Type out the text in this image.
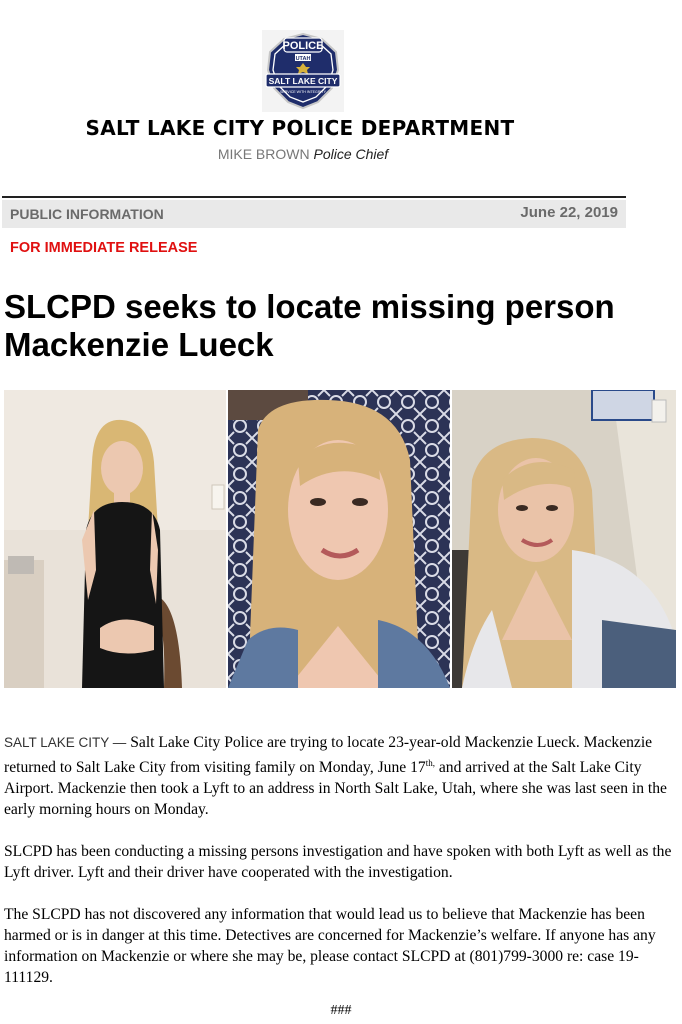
POLICE
UTAH
SALT LAKE CITY
SERVICE WITH INTEGRITY
SALT LAKE CITY POLICE DEPARTMENT
MIKE BROWN Police Chief
PUBLIC INFORMATION	June 22, 2019
FOR IMMEDIATE RELEASE
SLCPD seeks to locate missing person Mackenzie Lueck

SALT LAKE CITY — Salt Lake City Police are trying to locate 23-year-old Mackenzie Lueck. Mackenzie returned to Salt Lake City from visiting family on Monday, June $17^{th,}$ and arrived at the Salt Lake City Airport. Mackenzie then took a Lyft to an address in North Salt Lake, Utah, where she was last seen in the early morning hours on Monday.

SLCPD has been conducting a missing persons investigation and have spoken with both Lyft as well as the Lyft driver. Lyft and their driver have cooperated with the investigation.

The SLCPD has not discovered any information that would lead us to believe that Mackenzie has been harmed or is in danger at this time. Detectives are concerned for Mackenzie’s welfare. If anyone has any information on Mackenzie or where she may be, please contact SLCPD at (801)799-3000 re: case 19-111129.

###
